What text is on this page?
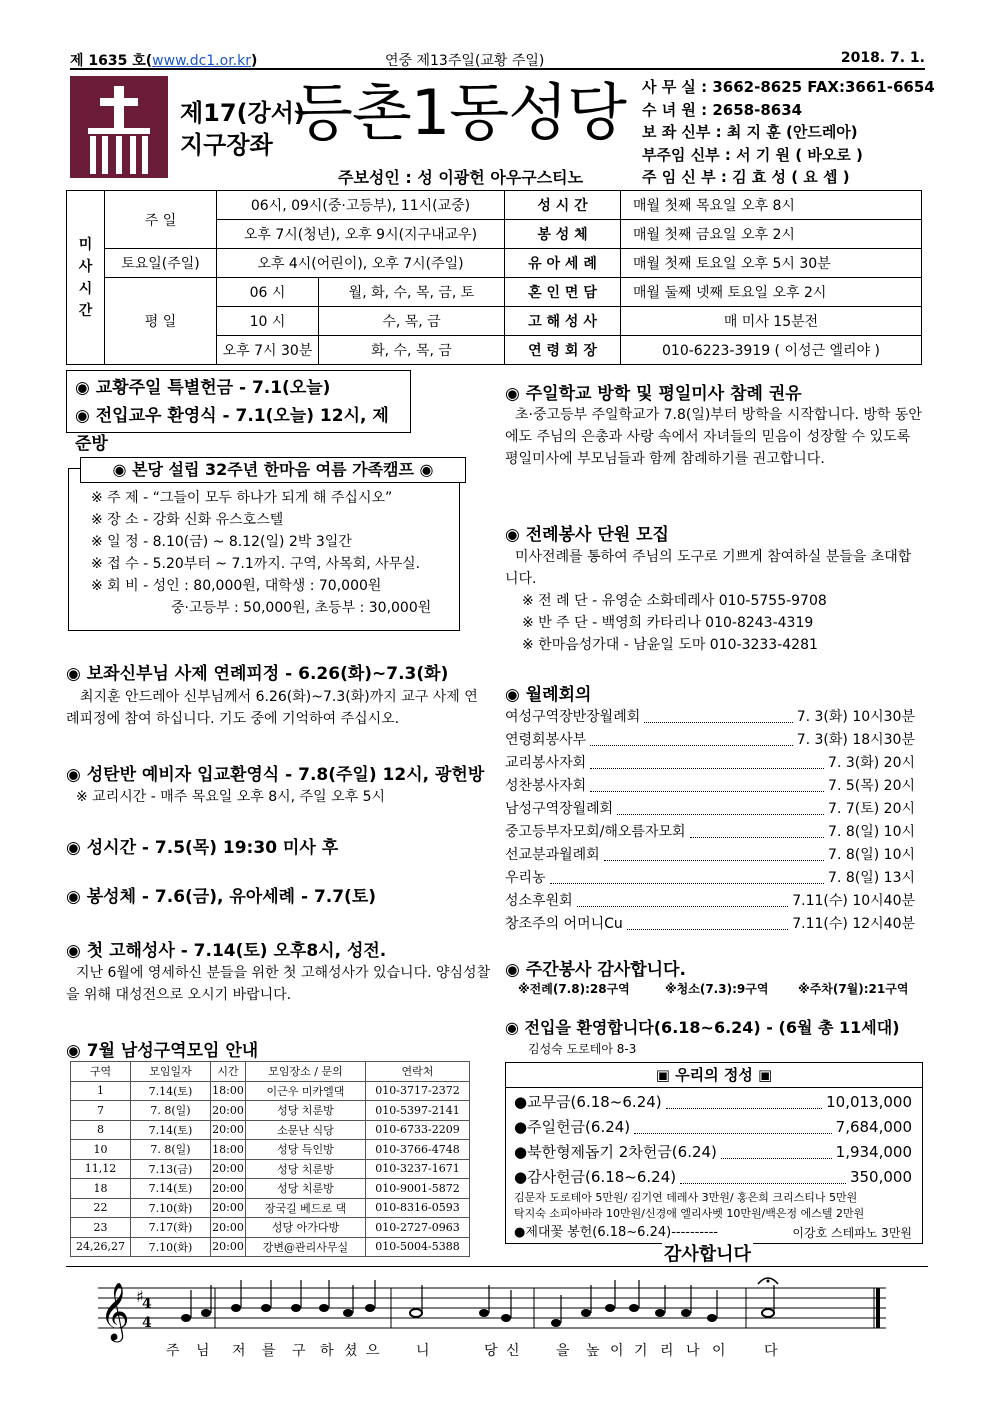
제 1635 호(www.dc1.or.kr)	연중 제13주일(교황 주일)	2018. 7. 1.
제17(강서)
지구장좌 등촌1동성당
주보성인 : 성 이광헌 아우구스티노
사 무 실 : 3662-8625 FAX:3661-6654
수 녀 원 : 2658-8634
보 좌 신부 : 최 지 훈 (안드레아)
부주임 신부 : 서 기 원 ( 바오로 )
주 임 신 부 : 김 효 성 ( 요 셉 )
미사시간	주 일	06시, 09시(중·고등부), 11시(교중)		성 시 간	매월 첫째 목요일 오후 8시
		오후 7시(청년), 오후 9시(지구내교우)		봉 성 체	매월 첫째 금요일 오후 2시
	토요일(주일)	오후 4시(어린이), 오후 7시(주일)		유 아 세 례	매월 첫째 토요일 오후 5시 30분
	평 일	06 시	월, 화, 수, 목, 금, 토	혼 인 면 담	매월 둘째 넷째 토요일 오후 2시
		10 시	수, 목, 금	고 해 성 사	매 미사 15분전
		오후 7시 30분	화, 수, 목, 금	연 령 회 장	010-6223-3919 ( 이성근 엘리야 )
◉ 교황주일 특별헌금 - 7.1(오늘)
◉ 전입교우 환영식 - 7.1(오늘) 12시, 제준방
※ 주 제 - “그들이 모두 하나가 되게 해 주십시오”
※ 장 소 - 강화 신화 유스호스텔
※ 일 정 - 8.10(금) ~ 8.12(일) 2박 3일간
※ 접 수 - 5.20부터 ~ 7.1까지. 구역, 사목회, 사무실.
※ 회 비 - 성인 : 80,000원, 대학생 : 70,000원
중·고등부 : 50,000원, 초등부 : 30,000원
◉ 본당 설립 32주년 한마음 여름 가족캠프 ◉
◉ 보좌신부님 사제 연례피정 - 6.26(화)~7.3(화)
최지훈 안드레아 신부님께서 6.26(화)~7.3(화)까지 교구 사제 연례피정에 참여 하십니다. 기도 중에 기억하여 주십시오.
◉ 성탄반 예비자 입교환영식 - 7.8(주일) 12시, 광헌방
※ 교리시간 - 매주 목요일 오후 8시, 주일 오후 5시
◉ 성시간 - 7.5(목) 19:30 미사 후
◉ 봉성체 - 7.6(금), 유아세례 - 7.7(토)
◉ 첫 고해성사 - 7.14(토) 오후8시, 성전.
지난 6월에 영세하신 분들을 위한 첫 고해성사가 있습니다. 양심성찰을 위해 대성전으로 오시기 바랍니다.
◉ 7월 남성구역모임 안내
구역	모임일자	시간	모임장소 / 문의	연락처
1	7.14(토)	18:00	이근우 미카엘댁	010-3717-2372
7	7. 8(일)	20:00	성당 치룬방	010-5397-2141
8	7.14(토)	20:00	소문난 식당	010-6733-2209
10	7. 8(일)	18:00	성당 득인방	010-3766-4748
11,12	7.13(금)	20:00	성당 치룬방	010-3237-1671
18	7.14(토)	20:00	성당 치룬방	010-9001-5872
22	7.10(화)	20:00	장국길 베드로 댁	010-8316-0593
23	7.17(화)	20:00	성당 아가다방	010-2727-0963
24,26,27	7.10(화)	20:00	강변@관리사무실	010-5004-5388
◉ 주일학교 방학 및 평일미사 참례 권유
초·중고등부 주일학교가 7.8(일)부터 방학을 시작합니다. 방학 동안에도 주님의 은총과 사랑 속에서 자녀들의 믿음이 성장할 수 있도록 평일미사에 부모님들과 함께 참례하기를 권고합니다.
◉ 전례봉사 단원 모집
미사전례를 통하여 주님의 도구로 기쁘게 참여하실 분들을 초대합니다.
※ 전 례 단 - 유영순 소화데레사 010-5755-9708
※ 반 주 단 - 백영희 카타리나 010-8243-4319
※ 한마음성가대 - 남윤일 도마 010-3233-4281
◉ 월례회의
여성구역장반장월례회	7. 3(화) 10시30분
연령회봉사부	7. 3(화) 18시30분
교리봉사자회	7. 3(화) 20시
성찬봉사자회	7. 5(목) 20시
남성구역장월례회	7. 7(토) 20시
중고등부자모회/해오름자모회	7. 8(일) 10시
선교분과월례회	7. 8(일) 10시
우리농	7. 8(일) 13시
성소후원회	7.11(수) 10시40분
창조주의 어머니Cu	7.11(수) 12시40분
◉ 주간봉사 감사합니다.
※전례(7.8):28구역	※청소(7.3):9구역 ※주차(7월):21구역
◉ 전입을 환영합니다(6.18~6.24) - (6월 총 11세대)
김성숙 도로테아 8-3
▣ 우리의 정성 ▣
●교무금(6.18~6.24)	10,013,000
●주일헌금(6.24)	7,684,000
●북한형제돕기 2차헌금(6.24)	1,934,000
●감사헌금(6.18~6.24)	350,000
김문자 도로테아 5만원/ 김기연 데레사 3만원/ 홍은희 크리스티나 5만원
탁지숙 소피아바라 10만원/신경애 엘리사벳 10만원/백은정 에스텔 2만원
●제대꽃 봉헌(6.18~6.24)----------	이강호 스테파노 3만원
감사합니다
𝄞 ♯
4
4
주 님 저 를 구 하 셨 으	니	당 신	을 높 이 기 리 나 이	다
